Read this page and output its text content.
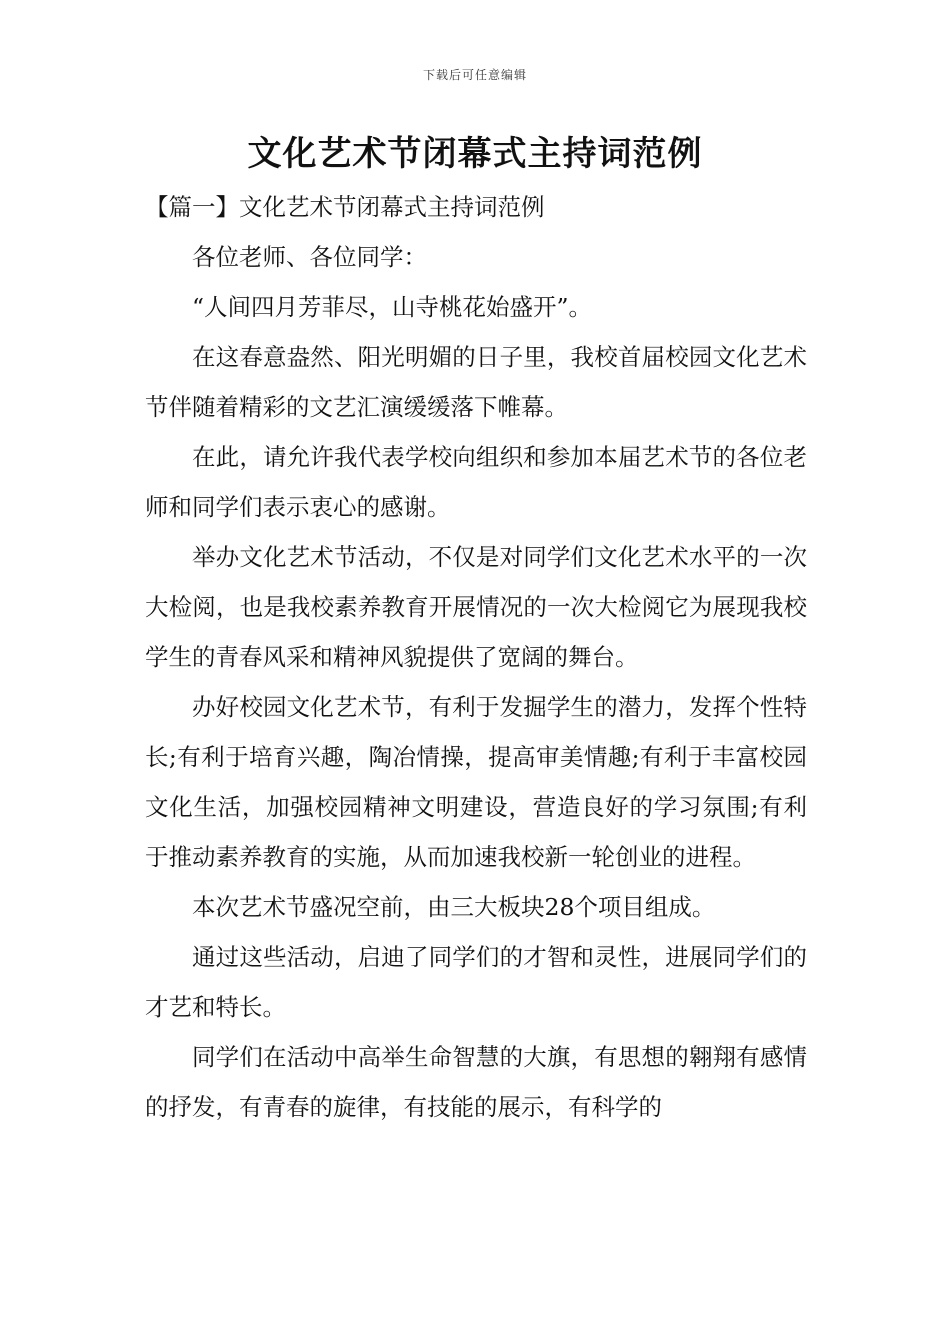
下载后可任意编辑
文化艺术节闭幕式主持词范例

【篇一】文化艺术节闭幕式主持词范例

各位老师、各位同学：

“人间四月芳菲尽，山寺桃花始盛开”。

在这春意盎然、阳光明媚的日子里，我校首届校园文化艺术节伴随着精彩的文艺汇演缓缓落下帷幕。

在此，请允许我代表学校向组织和参加本届艺术节的各位老师和同学们表示衷心的感谢。

举办文化艺术节活动，不仅是对同学们文化艺术水平的一次大检阅，也是我校素养教育开展情况的一次大检阅它为展现我校学生的青春风采和精神风貌提供了宽阔的舞台。

办好校园文化艺术节，有利于发掘学生的潜力，发挥个性特长;有利于培育兴趣，陶冶情操，提高审美情趣;有利于丰富校园文化生活，加强校园精神文明建设，营造良好的学习氛围;有利于推动素养教育的实施，从而加速我校新一轮创业的进程。

本次艺术节盛况空前，由三大板块28个项目组成。

通过这些活动，启迪了同学们的才智和灵性，进展同学们的才艺和特长。

同学们在活动中高举生命智慧的大旗，有思想的翱翔有感情的抒发，有青春的旋律，有技能的展示，有科学的
